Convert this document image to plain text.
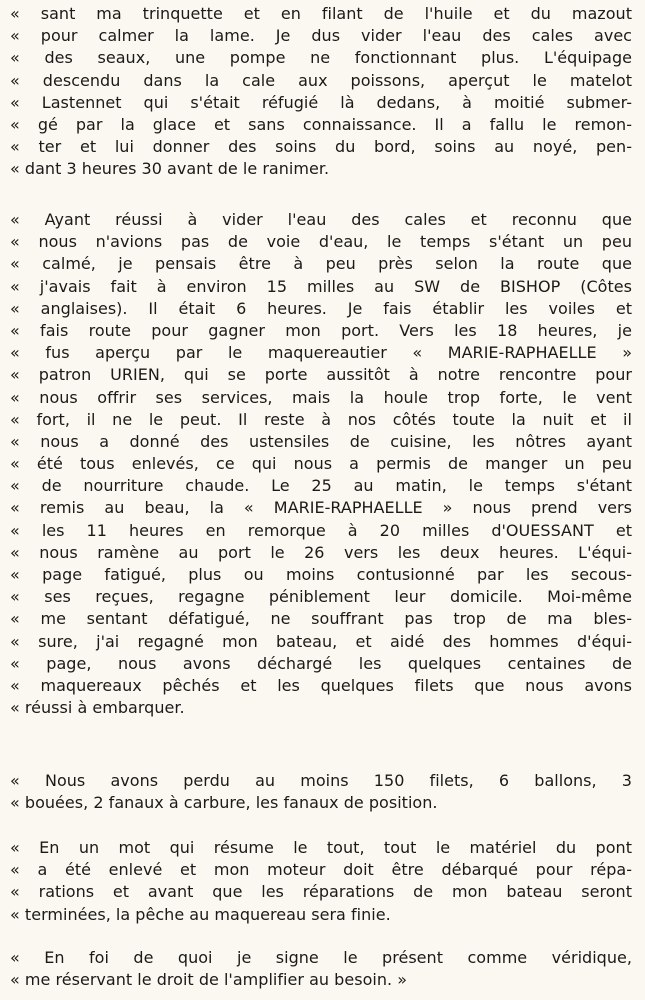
« sant ma trinquette et en filant de l'huile et du mazout
« pour calmer la lame. Je dus vider l'eau des cales avec
« des seaux, une pompe ne fonctionnant plus. L'équipage
« descendu dans la cale aux poissons, aperçut le matelot
« Lastennet qui s'était réfugié là dedans, à moitié submer-
« gé par la glace et sans connaissance. Il a fallu le remon-
« ter et lui donner des soins du bord, soins au noyé, pen-
« dant 3 heures 30 avant de le ranimer.
« Ayant réussi à vider l'eau des cales et reconnu que
« nous n'avions pas de voie d'eau, le temps s'étant un peu
« calmé, je pensais être à peu près selon la route que
« j'avais fait à environ 15 milles au SW de BISHOP (Côtes
« anglaises). Il était 6 heures. Je fais établir les voiles et
« fais route pour gagner mon port. Vers les 18 heures, je
« fus aperçu par le maquereautier « MARIE-RAPHAELLE »
« patron URIEN, qui se porte aussitôt à notre rencontre pour
« nous offrir ses services, mais la houle trop forte, le vent
« fort, il ne le peut. Il reste à nos côtés toute la nuit et il
« nous a donné des ustensiles de cuisine, les nôtres ayant
« été tous enlevés, ce qui nous a permis de manger un peu
« de nourriture chaude. Le 25 au matin, le temps s'étant
« remis au beau, la « MARIE-RAPHAELLE » nous prend vers
« les 11 heures en remorque à 20 milles d'OUESSANT et
« nous ramène au port le 26 vers les deux heures. L'équi-
« page fatigué, plus ou moins contusionné par les secous-
« ses reçues, regagne péniblement leur domicile. Moi-même
« me sentant défatigué, ne souffrant pas trop de ma bles-
« sure, j'ai regagné mon bateau, et aidé des hommes d'équi-
« page, nous avons déchargé les quelques centaines de
« maquereaux pêchés et les quelques filets que nous avons
« réussi à embarquer.
« Nous avons perdu au moins 150 filets, 6 ballons, 3
« bouées, 2 fanaux à carbure, les fanaux de position.
« En un mot qui résume le tout, tout le matériel du pont
« a été enlevé et mon moteur doit être débarqué pour répa-
« rations et avant que les réparations de mon bateau seront
« terminées, la pêche au maquereau sera finie.
« En foi de quoi je signe le présent comme véridique,
« me réservant le droit de l'amplifier au besoin. »
